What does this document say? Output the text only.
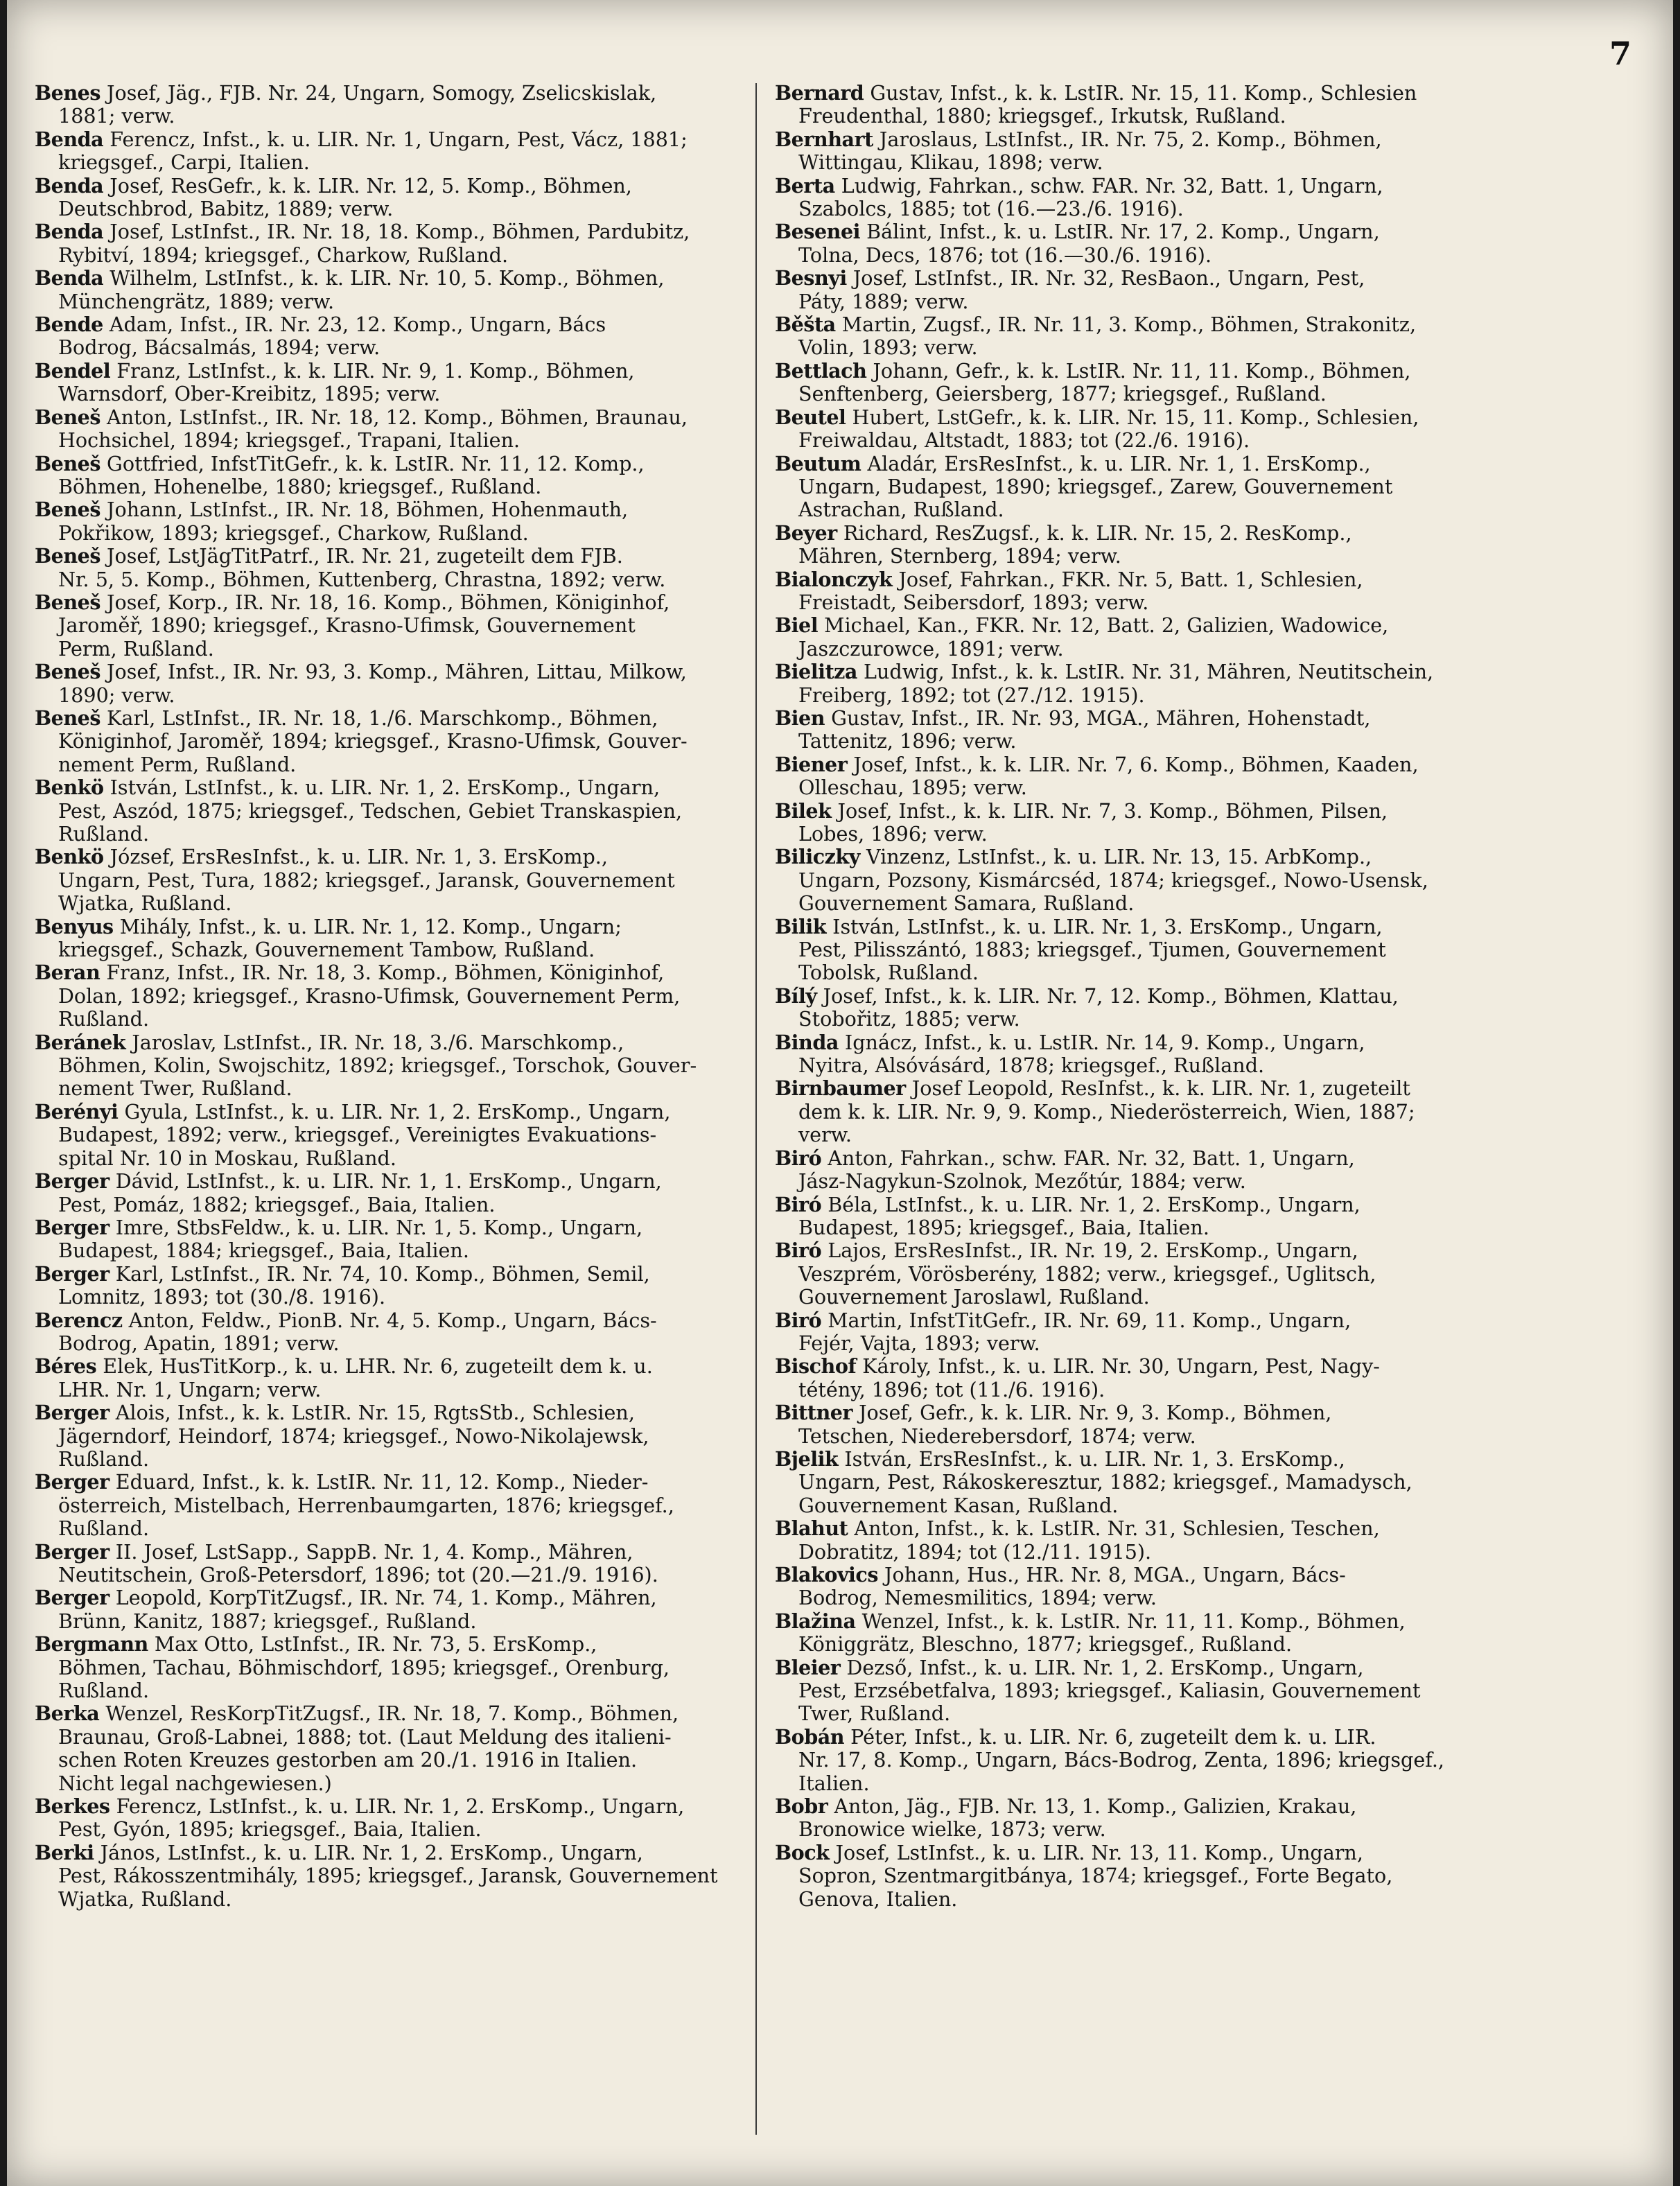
7
Benes Josef, Jäg., FJB. Nr. 24, Ungarn, Somogy, Zselicskislak,
1881; verw.
Benda Ferencz, Infst., k. u. LIR. Nr. 1, Ungarn, Pest, Vácz, 1881;
kriegsgef., Carpi, Italien.
Benda Josef, ResGefr., k. k. LIR. Nr. 12, 5. Komp., Böhmen,
Deutschbrod, Babitz, 1889; verw.
Benda Josef, LstInfst., IR. Nr. 18, 18. Komp., Böhmen, Pardubitz,
Rybitví, 1894; kriegsgef., Charkow, Rußland.
Benda Wilhelm, LstInfst., k. k. LIR. Nr. 10, 5. Komp., Böhmen,
Münchengrätz, 1889; verw.
Bende Adam, Infst., IR. Nr. 23, 12. Komp., Ungarn, Bács
Bodrog, Bácsalmás, 1894; verw.
Bendel Franz, LstInfst., k. k. LIR. Nr. 9, 1. Komp., Böhmen,
Warnsdorf, Ober-Kreibitz, 1895; verw.
Beneš Anton, LstInfst., IR. Nr. 18, 12. Komp., Böhmen, Braunau,
Hochsichel, 1894; kriegsgef., Trapani, Italien.
Beneš Gottfried, InfstTitGefr., k. k. LstIR. Nr. 11, 12. Komp.,
Böhmen, Hohenelbe, 1880; kriegsgef., Rußland.
Beneš Johann, LstInfst., IR. Nr. 18, Böhmen, Hohenmauth,
Pokřikow, 1893; kriegsgef., Charkow, Rußland.
Beneš Josef, LstJägTitPatrf., IR. Nr. 21, zugeteilt dem FJB.
Nr. 5, 5. Komp., Böhmen, Kuttenberg, Chrastna, 1892; verw.
Beneš Josef, Korp., IR. Nr. 18, 16. Komp., Böhmen, Königinhof,
Jaroměř, 1890; kriegsgef., Krasno-Ufimsk, Gouvernement
Perm, Rußland.
Beneš Josef, Infst., IR. Nr. 93, 3. Komp., Mähren, Littau, Milkow,
1890; verw.
Beneš Karl, LstInfst., IR. Nr. 18, 1./6. Marschkomp., Böhmen,
Königinhof, Jaroměř, 1894; kriegsgef., Krasno-Ufimsk, Gouver-
nement Perm, Rußland.
Benkö István, LstInfst., k. u. LIR. Nr. 1, 2. ErsKomp., Ungarn,
Pest, Aszód, 1875; kriegsgef., Tedschen, Gebiet Transkaspien,
Rußland.
Benkö József, ErsResInfst., k. u. LIR. Nr. 1, 3. ErsKomp.,
Ungarn, Pest, Tura, 1882; kriegsgef., Jaransk, Gouvernement
Wjatka, Rußland.
Benyus Mihály, Infst., k. u. LIR. Nr. 1, 12. Komp., Ungarn;
kriegsgef., Schazk, Gouvernement Tambow, Rußland.
Beran Franz, Infst., IR. Nr. 18, 3. Komp., Böhmen, Königinhof,
Dolan, 1892; kriegsgef., Krasno-Ufimsk, Gouvernement Perm,
Rußland.
Beránek Jaroslav, LstInfst., IR. Nr. 18, 3./6. Marschkomp.,
Böhmen, Kolin, Swojschitz, 1892; kriegsgef., Torschok, Gouver-
nement Twer, Rußland.
Berényi Gyula, LstInfst., k. u. LIR. Nr. 1, 2. ErsKomp., Ungarn,
Budapest, 1892; verw., kriegsgef., Vereinigtes Evakuations-
spital Nr. 10 in Moskau, Rußland.
Berger Dávid, LstInfst., k. u. LIR. Nr. 1, 1. ErsKomp., Ungarn,
Pest, Pomáz, 1882; kriegsgef., Baia, Italien.
Berger Imre, StbsFeldw., k. u. LIR. Nr. 1, 5. Komp., Ungarn,
Budapest, 1884; kriegsgef., Baia, Italien.
Berger Karl, LstInfst., IR. Nr. 74, 10. Komp., Böhmen, Semil,
Lomnitz, 1893; tot (30./8. 1916).
Berencz Anton, Feldw., PionB. Nr. 4, 5. Komp., Ungarn, Bács-
Bodrog, Apatin, 1891; verw.
Béres Elek, HusTitKorp., k. u. LHR. Nr. 6, zugeteilt dem k. u.
LHR. Nr. 1, Ungarn; verw.
Berger Alois, Infst., k. k. LstIR. Nr. 15, RgtsStb., Schlesien,
Jägerndorf, Heindorf, 1874; kriegsgef., Nowo-Nikolajewsk,
Rußland.
Berger Eduard, Infst., k. k. LstIR. Nr. 11, 12. Komp., Nieder-
österreich, Mistelbach, Herrenbaumgarten, 1876; kriegsgef.,
Rußland.
Berger II. Josef, LstSapp., SappB. Nr. 1, 4. Komp., Mähren,
Neutitschein, Groß-Petersdorf, 1896; tot (20.—21./9. 1916).
Berger Leopold, KorpTitZugsf., IR. Nr. 74, 1. Komp., Mähren,
Brünn, Kanitz, 1887; kriegsgef., Rußland.
Bergmann Max Otto, LstInfst., IR. Nr. 73, 5. ErsKomp.,
Böhmen, Tachau, Böhmischdorf, 1895; kriegsgef., Orenburg,
Rußland.
Berka Wenzel, ResKorpTitZugsf., IR. Nr. 18, 7. Komp., Böhmen,
Braunau, Groß-Labnei, 1888; tot. (Laut Meldung des italieni-
schen Roten Kreuzes gestorben am 20./1. 1916 in Italien.
Nicht legal nachgewiesen.)
Berkes Ferencz, LstInfst., k. u. LIR. Nr. 1, 2. ErsKomp., Ungarn,
Pest, Gyón, 1895; kriegsgef., Baia, Italien.
Berki János, LstInfst., k. u. LIR. Nr. 1, 2. ErsKomp., Ungarn,
Pest, Rákosszentmihály, 1895; kriegsgef., Jaransk, Gouvernement
Wjatka, Rußland.
Bernard Gustav, Infst., k. k. LstIR. Nr. 15, 11. Komp., Schlesien
Freudenthal, 1880; kriegsgef., Irkutsk, Rußland.
Bernhart Jaroslaus, LstInfst., IR. Nr. 75, 2. Komp., Böhmen,
Wittingau, Klikau, 1898; verw.
Berta Ludwig, Fahrkan., schw. FAR. Nr. 32, Batt. 1, Ungarn,
Szabolcs, 1885; tot (16.—23./6. 1916).
Besenei Bálint, Infst., k. u. LstIR. Nr. 17, 2. Komp., Ungarn,
Tolna, Decs, 1876; tot (16.—30./6. 1916).
Besnyi Josef, LstInfst., IR. Nr. 32, ResBaon., Ungarn, Pest,
Páty, 1889; verw.
Běšta Martin, Zugsf., IR. Nr. 11, 3. Komp., Böhmen, Strakonitz,
Volin, 1893; verw.
Bettlach Johann, Gefr., k. k. LstIR. Nr. 11, 11. Komp., Böhmen,
Senftenberg, Geiersberg, 1877; kriegsgef., Rußland.
Beutel Hubert, LstGefr., k. k. LIR. Nr. 15, 11. Komp., Schlesien,
Freiwaldau, Altstadt, 1883; tot (22./6. 1916).
Beutum Aladár, ErsResInfst., k. u. LIR. Nr. 1, 1. ErsKomp.,
Ungarn, Budapest, 1890; kriegsgef., Zarew, Gouvernement
Astrachan, Rußland.
Beyer Richard, ResZugsf., k. k. LIR. Nr. 15, 2. ResKomp.,
Mähren, Sternberg, 1894; verw.
Bialonczyk Josef, Fahrkan., FKR. Nr. 5, Batt. 1, Schlesien,
Freistadt, Seibersdorf, 1893; verw.
Biel Michael, Kan., FKR. Nr. 12, Batt. 2, Galizien, Wadowice,
Jaszczurowce, 1891; verw.
Bielitza Ludwig, Infst., k. k. LstIR. Nr. 31, Mähren, Neutitschein,
Freiberg, 1892; tot (27./12. 1915).
Bien Gustav, Infst., IR. Nr. 93, MGA., Mähren, Hohenstadt,
Tattenitz, 1896; verw.
Biener Josef, Infst., k. k. LIR. Nr. 7, 6. Komp., Böhmen, Kaaden,
Olleschau, 1895; verw.
Bilek Josef, Infst., k. k. LIR. Nr. 7, 3. Komp., Böhmen, Pilsen,
Lobes, 1896; verw.
Biliczky Vinzenz, LstInfst., k. u. LIR. Nr. 13, 15. ArbKomp.,
Ungarn, Pozsony, Kismárcséd, 1874; kriegsgef., Nowo-Usensk,
Gouvernement Samara, Rußland.
Bilik István, LstInfst., k. u. LIR. Nr. 1, 3. ErsKomp., Ungarn,
Pest, Pilisszántó, 1883; kriegsgef., Tjumen, Gouvernement
Tobolsk, Rußland.
Bílý Josef, Infst., k. k. LIR. Nr. 7, 12. Komp., Böhmen, Klattau,
Stobořitz, 1885; verw.
Binda Ignácz, Infst., k. u. LstIR. Nr. 14, 9. Komp., Ungarn,
Nyitra, Alsóvásárd, 1878; kriegsgef., Rußland.
Birnbaumer Josef Leopold, ResInfst., k. k. LIR. Nr. 1, zugeteilt
dem k. k. LIR. Nr. 9, 9. Komp., Niederösterreich, Wien, 1887;
verw.
Biró Anton, Fahrkan., schw. FAR. Nr. 32, Batt. 1, Ungarn,
Jász-Nagykun-Szolnok, Mezőtúr, 1884; verw.
Biró Béla, LstInfst., k. u. LIR. Nr. 1, 2. ErsKomp., Ungarn,
Budapest, 1895; kriegsgef., Baia, Italien.
Biró Lajos, ErsResInfst., IR. Nr. 19, 2. ErsKomp., Ungarn,
Veszprém, Vörösberény, 1882; verw., kriegsgef., Uglitsch,
Gouvernement Jaroslawl, Rußland.
Biró Martin, InfstTitGefr., IR. Nr. 69, 11. Komp., Ungarn,
Fejér, Vajta, 1893; verw.
Bischof Károly, Infst., k. u. LIR. Nr. 30, Ungarn, Pest, Nagy-
tétény, 1896; tot (11./6. 1916).
Bittner Josef, Gefr., k. k. LIR. Nr. 9, 3. Komp., Böhmen,
Tetschen, Niederebersdorf, 1874; verw.
Bjelik István, ErsResInfst., k. u. LIR. Nr. 1, 3. ErsKomp.,
Ungarn, Pest, Rákoskeresztur, 1882; kriegsgef., Mamadysch,
Gouvernement Kasan, Rußland.
Blahut Anton, Infst., k. k. LstIR. Nr. 31, Schlesien, Teschen,
Dobratitz, 1894; tot (12./11. 1915).
Blakovics Johann, Hus., HR. Nr. 8, MGA., Ungarn, Bács-
Bodrog, Nemesmilitics, 1894; verw.
Blažina Wenzel, Infst., k. k. LstIR. Nr. 11, 11. Komp., Böhmen,
Königgrätz, Bleschno, 1877; kriegsgef., Rußland.
Bleier Dezső, Infst., k. u. LIR. Nr. 1, 2. ErsKomp., Ungarn,
Pest, Erzsébetfalva, 1893; kriegsgef., Kaliasin, Gouvernement
Twer, Rußland.
Bobán Péter, Infst., k. u. LIR. Nr. 6, zugeteilt dem k. u. LIR.
Nr. 17, 8. Komp., Ungarn, Bács-Bodrog, Zenta, 1896; kriegsgef.,
Italien.
Bobr Anton, Jäg., FJB. Nr. 13, 1. Komp., Galizien, Krakau,
Bronowice wielke, 1873; verw.
Bock Josef, LstInfst., k. u. LIR. Nr. 13, 11. Komp., Ungarn,
Sopron, Szentmargitbánya, 1874; kriegsgef., Forte Begato,
Genova, Italien.
